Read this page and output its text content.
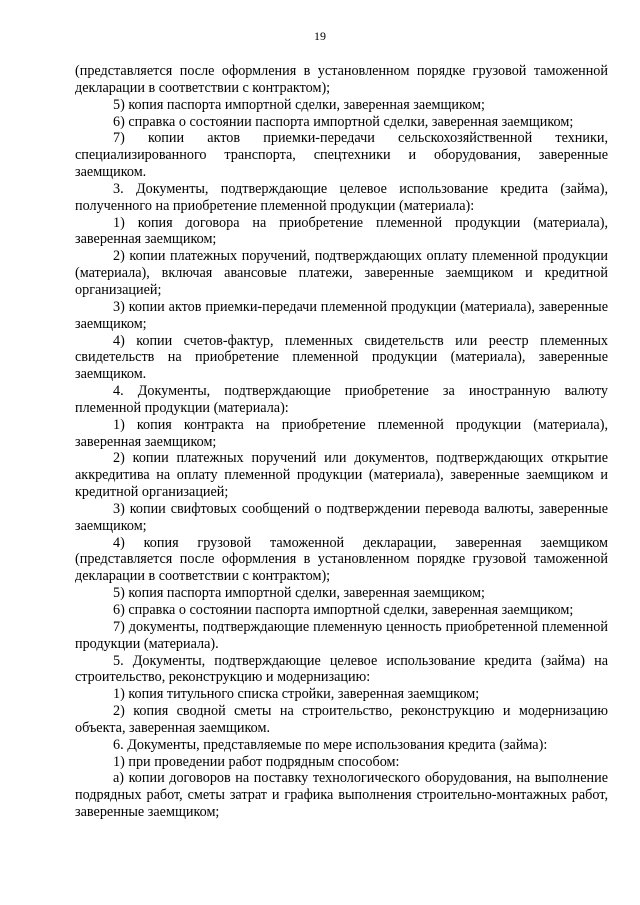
19

(представляется после оформления в установленном порядке грузовой таможенной декларации в соответствии с контрактом);

5) копия паспорта импортной сделки, заверенная заемщиком;

6) справка о состоянии паспорта импортной сделки, заверенная заемщиком;

7) копии актов приемки-передачи сельскохозяйственной техники, специализированного транспорта, спецтехники и оборудования, заверенные заемщиком.

3. Документы, подтверждающие целевое использование кредита (займа), полученного на приобретение племенной продукции (материала):

1) копия договора на приобретение племенной продукции (материала), заверенная заемщиком;

2) копии платежных поручений, подтверждающих оплату племенной продукции (материала), включая авансовые платежи, заверенные заемщиком и кредитной организацией;

3) копии актов приемки-передачи племенной продукции (материала), заверенные заемщиком;

4) копии счетов-фактур, племенных свидетельств или реестр племенных свидетельств на приобретение племенной продукции (материала), заверенные заемщиком.

4. Документы, подтверждающие приобретение за иностранную валюту племенной продукции (материала):

1) копия контракта на приобретение племенной продукции (материала), заверенная заемщиком;

2) копии платежных поручений или документов, подтверждающих открытие аккредитива на оплату племенной продукции (материала), заверенные заемщиком и кредитной организацией;

3) копии свифтовых сообщений о подтверждении перевода валюты, заверенные заемщиком;

4) копия грузовой таможенной декларации, заверенная заемщиком (представляется после оформления в установленном порядке грузовой таможенной декларации в соответствии с контрактом);

5) копия паспорта импортной сделки, заверенная заемщиком;

6) справка о состоянии паспорта импортной сделки, заверенная заемщиком;

7) документы, подтверждающие племенную ценность приобретенной племенной продукции (материала).

5. Документы, подтверждающие целевое использование кредита (займа) на строительство, реконструкцию и модернизацию:

1) копия титульного списка стройки, заверенная заемщиком;

2) копия сводной сметы на строительство, реконструкцию и модернизацию объекта, заверенная заемщиком.

6. Документы, представляемые по мере использования кредита (займа):

1) при проведении работ подрядным способом:

а) копии договоров на поставку технологического оборудования, на выполнение подрядных работ, сметы затрат и графика выполнения строительно-монтажных работ, заверенные заемщиком;
